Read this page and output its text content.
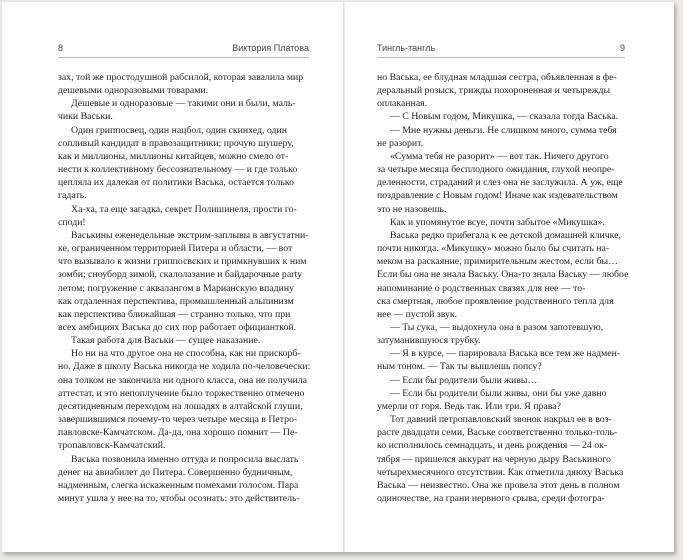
8	Виктория Платова	Тингль-тангль	9

зах, той же простодушной рабсилой, которая завалила мир

дешевыми одноразовыми товарами.

Дешевые и одноразовые — такими они и были, маль-

чики Васьки.

Один гриппосвец, один нацбол, один скинхед, один

сопливый кандидат в правозащитники; прочую шушеру,

как и миллионы, миллионы китайцев, можно смело от-

нести к коллективному бессознательному — и где только

цепляла их далекая от политики Васька, остается только

гадать.

Ха-ха, та еще загадка, секрет Полишинеля, прости го-

споди!

Васькины еженедельные экстрим-заплывы в августатни-

ке, ограниченном территорией Питера и области, — вот

что вызывало к жизни гриппосвских и примкнувших к ним

зомби; сноуборд зимой, скалолазание и байдарочные party

летом; погружение с аквалангом в Марианскую впадину

как отдаленная перспектива, промышленный альпинизм

как перспектива ближайшая — странно только, что при

всех амбициях Васька до сих пор работает официанткой.

Такая работа для Васьки — сущее наказание.

Но ни на что другое она не способна, как ни прискорб-

но. Даже в школу Васька никогда не ходила по-человечески:

она толком не закончила ни одного класса, она не получила

аттестат, и это непоплучение было торжественно отмечено

десятидневным переходом на лошадях в алтайской глуши,

завершившимся почему-то через четыре месяца в Петро-

павловске-Камчатском. Да-да, она хорошо помнит — Пе-

тропавловск-Камчатский.

Васька позвонила именно оттуда и попросила выслать

денег на авиабилет до Питера. Совершенно будничным,

надменным, слегка искаженным помехами голосом. Пара

минут ушла у нее на то, чтобы осознать: это действитель-

но Васька, ее блудная младшая сестра, объявленная в фе-

деральный розыск, трижды похороненная и четырежды

оплаканная.

— С Новым годом, Микушка, — сказала тогда Васька.

— Мне нужны деньги. Не слишком много, сумма тебя

не разорит.

«Сумма тебя не разорит» — вот так. Ничего другого

за четыре месяца бесплодного ожидания, глухой неопре-

деленности, страданий и слез она не заслужила. А уж, еще

поздравление с Новым годом! Иначе как издевательством

это не назовешь.

Как и упомянутое всуе, почти забытое «Микушка».

Васька редко прибегала к ее детской домашней кличке,

почти никогда. «Микушку» можно было бы считать на-

меком на раскаяние, примирительным жестом, если бы…

Если бы она не знала Ваську. Она-то знала Ваську — любое

напоминание о родственных связях для нее — то-

ска смертная, любое проявление родственного тепла для

нее — пустой звук.

— Ты сука, — выдохнула она в разом запотевшую,

затуманившуюся трубку.

— Я в курсе, — парировала Васька все тем же надмен-

ным тоном. — Так ты вышлешь попсу?

— Если бы родители были живы…

— Если бы родители были живы, они бы уже давно

умерли от горя. Ведь так. Или три. Я права?

Тот давний петропавловский звонок накрыл ее в воз-

расте двадцати семи, Ваське соответственно только-толь-

ко исполнилось семнадцать, и день рождения — 24 ок-

тября — пришелся аккурат на черную дыру Васькиного

четырехмесячного отсутствия. Как отметила дяюху Васька

Васька — неизвестно. Она же провела этот день в полном

одиночестве, на грани нервного срыва, среди фотогра-
